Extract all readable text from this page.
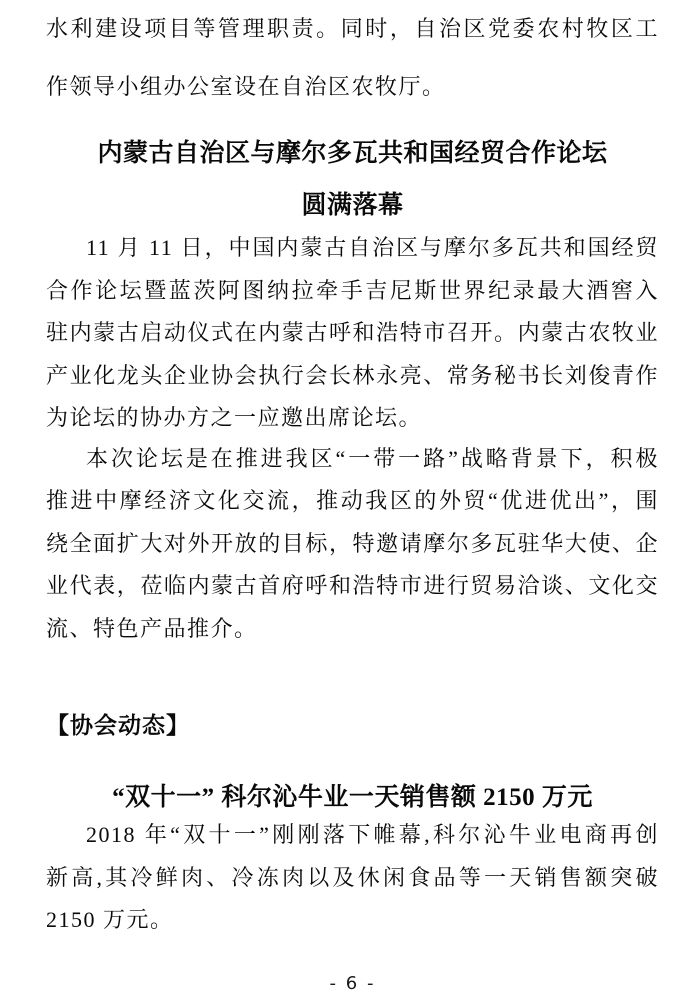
水利建设项目等管理职责。同时，自治区党委农村牧区工
作领导小组办公室设在自治区农牧厅。
内蒙古自治区与摩尔多瓦共和国经贸合作论坛
圆满落幕
11 月 11 日，中国内蒙古自治区与摩尔多瓦共和国经贸
合作论坛暨蓝茨阿图纳拉牵手吉尼斯世界纪录最大酒窖入
驻内蒙古启动仪式在内蒙古呼和浩特市召开。内蒙古农牧业
产业化龙头企业协会执行会长林永亮、常务秘书长刘俊青作
为论坛的协办方之一应邀出席论坛。
本次论坛是在推进我区“一带一路”战略背景下，积极
推进中摩经济文化交流，推动我区的外贸“优进优出”，围
绕全面扩大对外开放的目标，特邀请摩尔多瓦驻华大使、企
业代表，莅临内蒙古首府呼和浩特市进行贸易洽谈、文化交
流、特色产品推介。
【协会动态】
“双十一” 科尔沁牛业一天销售额 2150 万元
2018 年“双十一”刚刚落下帷幕,科尔沁牛业电商再创
新高,其冷鲜肉、冷冻肉以及休闲食品等一天销售额突破
2150 万元。
- 6 -
